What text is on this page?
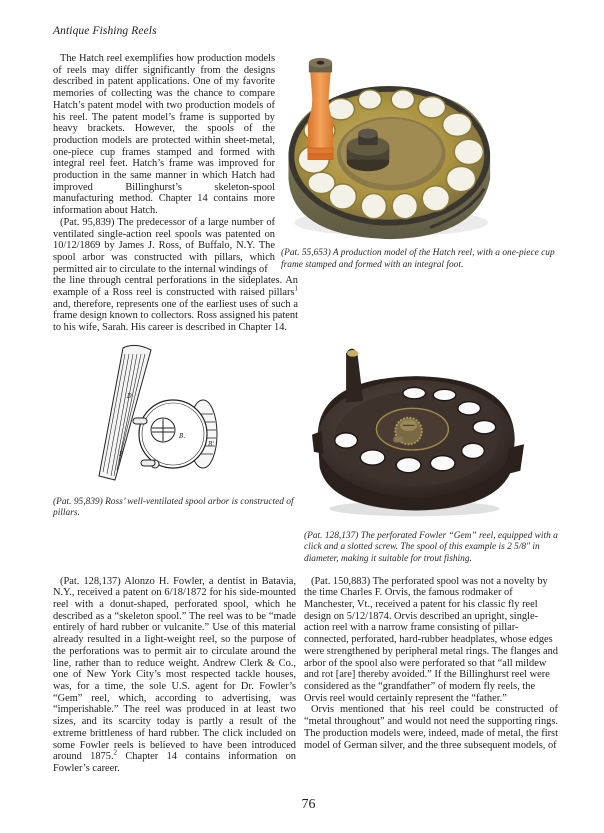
Antique Fishing Reels

The Hatch reel exemplifies how production models of reels may differ significantly from the designs described in patent applications. One of my favorite memories of collecting was the chance to compare Hatch’s patent model with two production models of his reel. The patent model’s frame is supported by heavy brackets. However, the spools of the production models are protected within sheet-metal, one-piece cup frames stamped and formed with integral reel feet. Hatch’s frame was improved for production in the same manner in which Hatch had improved Billinghurst’s skeleton-spool manufacturing method. Chapter 14 contains more information about Hatch.

(Pat. 95,839) The predecessor of a large number of ventilated single-action reel spools was patented on 10/12/1869 by James J. Ross, of Buffalo, N.Y. The spool arbor was constructed with pillars, which permitted air to circulate to the internal windings of

(Pat. 55,653) A production model of the Hatch reel, with a one-piece cup frame stamped and formed with an integral foot.
the line through central perforations in the sideplates. An example of a Ross reel is constructed with raised pillars$^1$ and, therefore, represents one of the earliest uses of such a frame design known to collectors. Ross assigned his patent to his wife, Sarah. His career is described in Chapter 14.
B.
B'
D
F
(Pat. 95,839) Ross’ well-ventilated spool arbor is constructed of pillars.
(Pat. 128,137) The perforated Fowler “Gem” reel, equipped with a click and a slotted screw. The spool of this example is 2 5/8" in diameter, making it suitable for trout fishing.

(Pat. 128,137) Alonzo H. Fowler, a dentist in Batavia, N.Y., received a patent on 6/18/1872 for his side-mounted reel with a donut-shaped, perforated spool, which he described as a “skeleton spool.” The reel was to be “made entirely of hard rubber or vulcanite.” Use of this material already resulted in a light-weight reel, so the purpose of the perforations was to permit air to circulate around the line, rather than to reduce weight. Andrew Clerk & Co., one of New York City’s most respected tackle houses, was, for a time, the sole U.S. agent for Dr. Fowler’s “Gem” reel, which, according to advertising, was “imperishable.” The reel was produced in at least two sizes, and its scarcity today is partly a result of the extreme brittleness of hard rubber. The click included on some Fowler reels is believed to have been introduced around 1875.$^2$ Chapter 14 contains information on Fowler’s career.

(Pat. 150,883) The perforated spool was not a novelty by the time Charles F. Orvis, the famous rodmaker of Manchester, Vt., received a patent for his classic fly reel design on 5/12/1874. Orvis described an upright, single-action reel with a narrow frame consisting of pillar-connected, perforated, hard-rubber headplates, whose edges were strengthened by peripheral metal rings. The flanges and arbor of the spool also were perforated so that “all mildew and rot [are] thereby avoided.” If the Billinghurst reel were considered as the “grandfather” of modern fly reels, the Orvis reel would certainly represent the “father.”

Orvis mentioned that his reel could be constructed of “metal throughout” and would not need the supporting rings. The production models were, indeed, made of metal, the first model of German silver, and the three subsequent models, of

76
